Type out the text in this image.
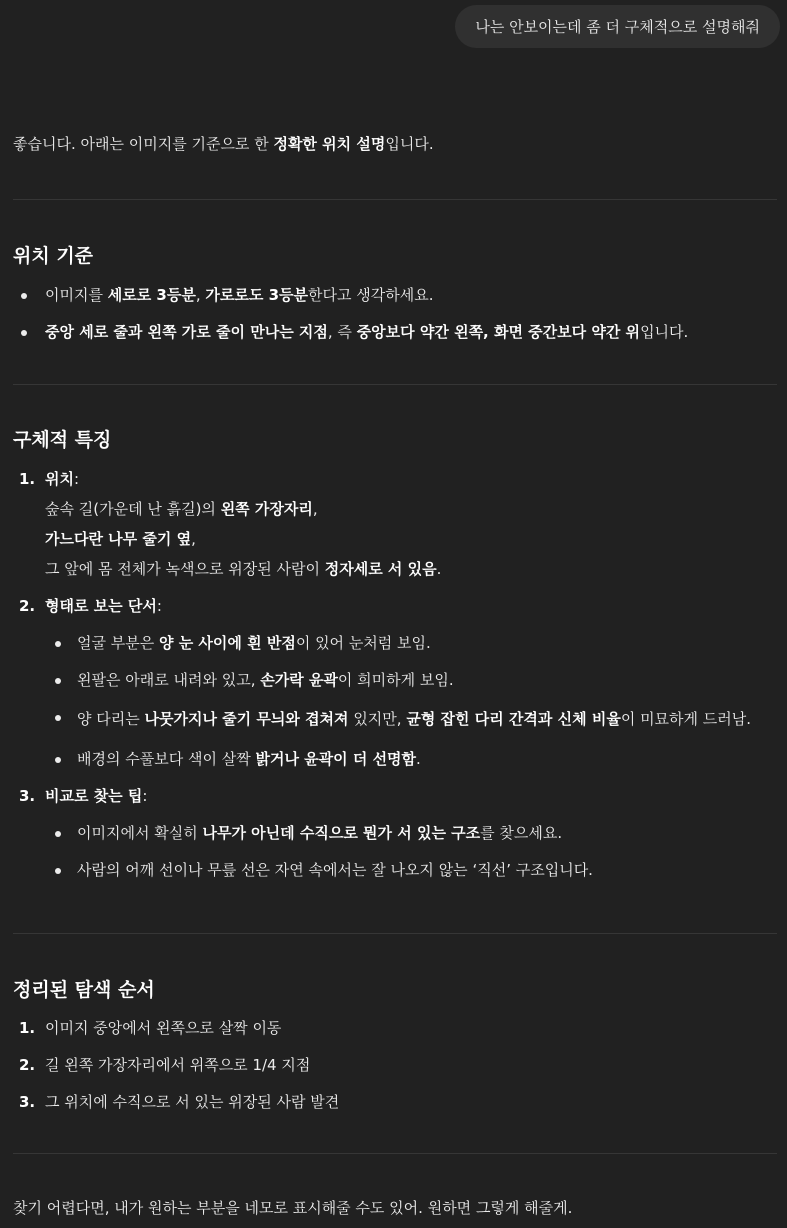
나는 안보이는데 좀 더 구체적으로 설명해줘

좋습니다. 아래는 이미지를 기준으로 한 정확한 위치 설명입니다.

위치 기준
이미지를 세로로 3등분, 가로로도 3등분한다고 생각하세요.
중앙 세로 줄과 왼쪽 가로 줄이 만나는 지점, 즉 중앙보다 약간 왼쪽, 화면 중간보다 약간 위입니다.
구체적 특징
1. 위치:
숲속 길(가운데 난 흙길)의 왼쪽 가장자리,
가느다란 나무 줄기 옆,
그 앞에 몸 전체가 녹색으로 위장된 사람이 정자세로 서 있음.
2. 형태로 보는 단서:
얼굴 부분은 양 눈 사이에 흰 반점이 있어 눈처럼 보임.
왼팔은 아래로 내려와 있고, 손가락 윤곽이 희미하게 보임.
양 다리는 나뭇가지나 줄기 무늬와 겹쳐져 있지만, 균형 잡힌 다리 간격과 신체 비율이 미묘하게 드러남.
배경의 수풀보다 색이 살짝 밝거나 윤곽이 더 선명함.
3. 비교로 찾는 팁:
이미지에서 확실히 나무가 아닌데 수직으로 뭔가 서 있는 구조를 찾으세요.
사람의 어깨 선이나 무릎 선은 자연 속에서는 잘 나오지 않는 ‘직선’ 구조입니다.
정리된 탐색 순서
1. 이미지 중앙에서 왼쪽으로 살짝 이동
2. 길 왼쪽 가장자리에서 위쪽으로 1/4 지점
3. 그 위치에 수직으로 서 있는 위장된 사람 발견

찾기 어렵다면, 내가 원하는 부분을 네모로 표시해줄 수도 있어. 원하면 그렇게 해줄게.
